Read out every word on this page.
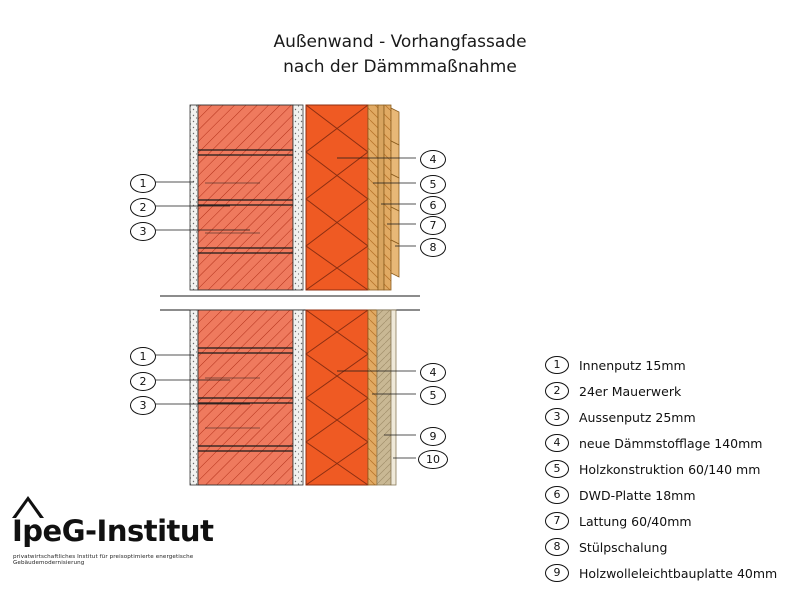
Außenwand - Vorhangfassade
nach der Dämmmaßnahme
1
2
3
4
5
6
7
8
1
2
3
4
5
9
10
1	Innenputz 15mm
2	24er Mauerwerk
3	Aussenputz 25mm
4	neue Dämmstofflage 140mm
5	Holzkonstruktion 60/140 mm
6	DWD-Platte 18mm
7	Lattung 60/40mm
8	Stülpschalung
9	Holzwolleleichtbauplatte 40mm
IpeG-Institut
privatwirtschaftliches Institut für preisoptimierte energetische Gebäudemodernisierung
